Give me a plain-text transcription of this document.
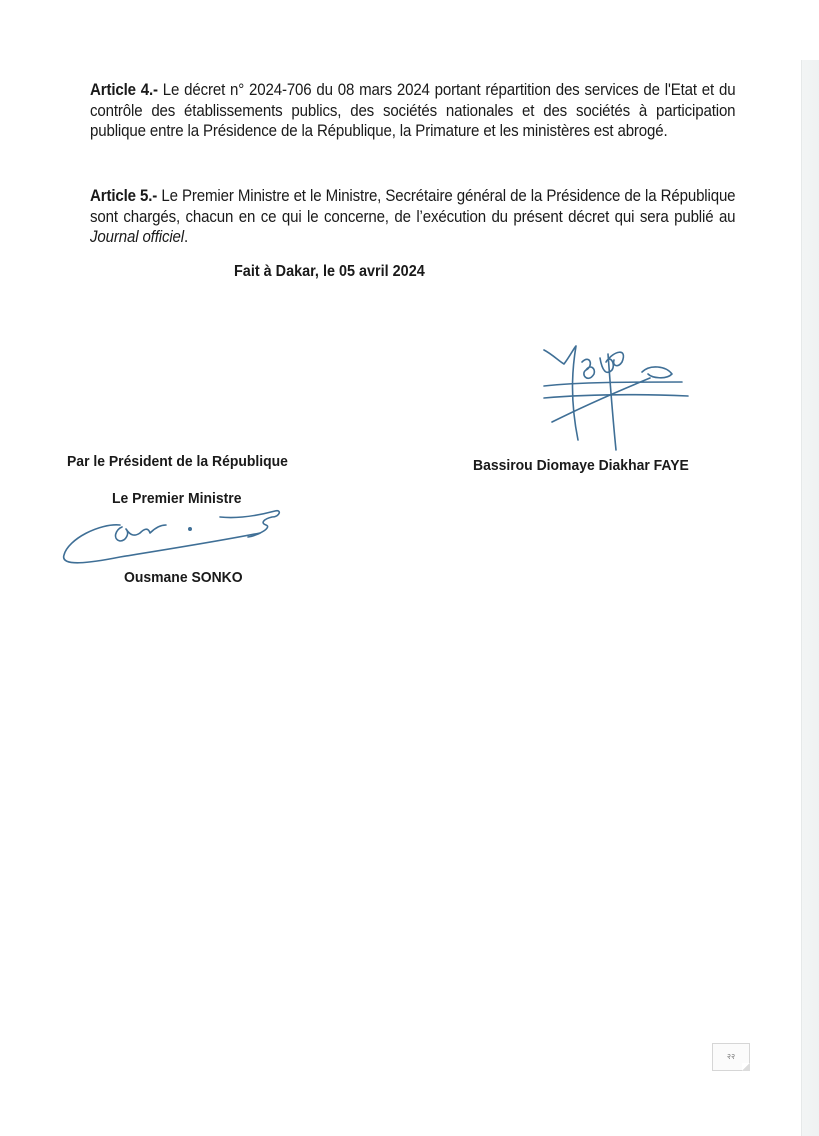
Article 4.- Le décret n° 2024-706 du 08 mars 2024 portant répartition des services de l'Etat et du contrôle des établissements publics, des sociétés nationales et des sociétés à participation publique entre la Présidence de la République, la Primature et les ministères est abrogé.

Article 5.- Le Premier Ministre et le Ministre, Secrétaire général de la Présidence de la République sont chargés, chacun en ce qui le concerne, de l’exécution du présent décret qui sera publié au Journal officiel.

Fait à Dakar, le 05 avril 2024
Bassirou Diomaye Diakhar FAYE
Par le Président de la République
Le Premier Ministre
Ousmane SONKO
२२
